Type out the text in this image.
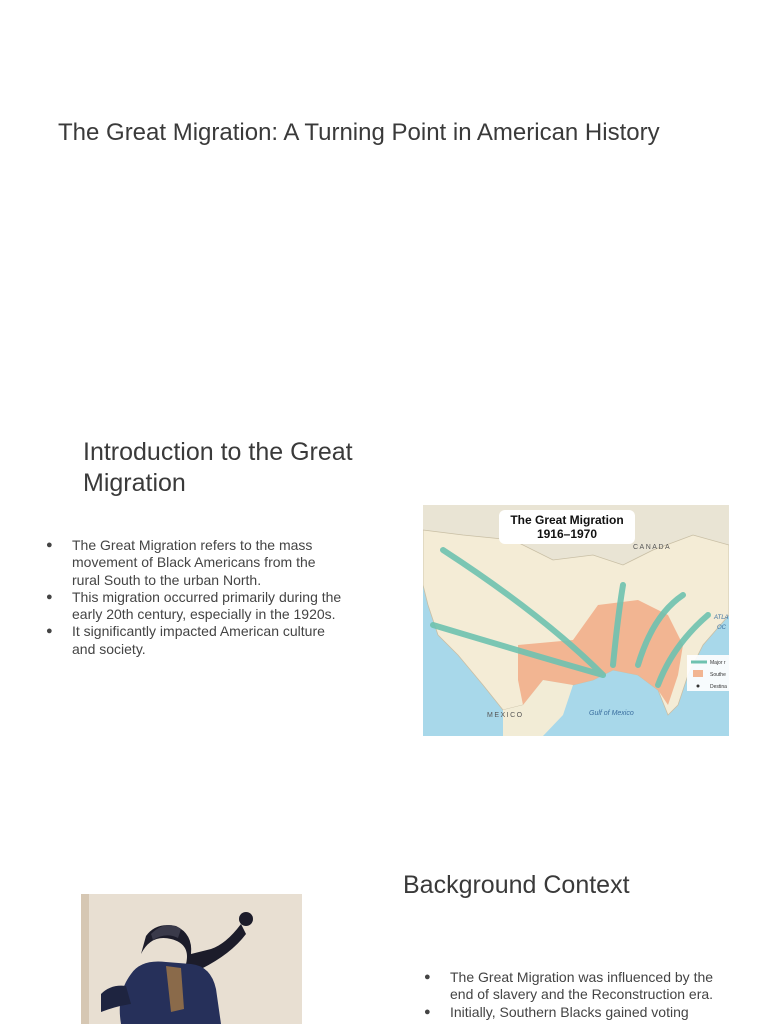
The Great Migration: A Turning Point in American History
Introduction to the Great
Migration
● The Great Migration refers to the mass
movement of Black Americans from the
rural South to the urban North.
● This migration occurred primarily during the
early 20th century, especially in the 1920s.
● It significantly impacted American culture
and society.
The Great Migration
1916–1970
CANADA
MEXICO	Gulf of Mexico
ATLA
OC
Major r
Southe
Destina
Background Context
● The Great Migration was influenced by the
end of slavery and the Reconstruction era.
● Initially, Southern Blacks gained voting
